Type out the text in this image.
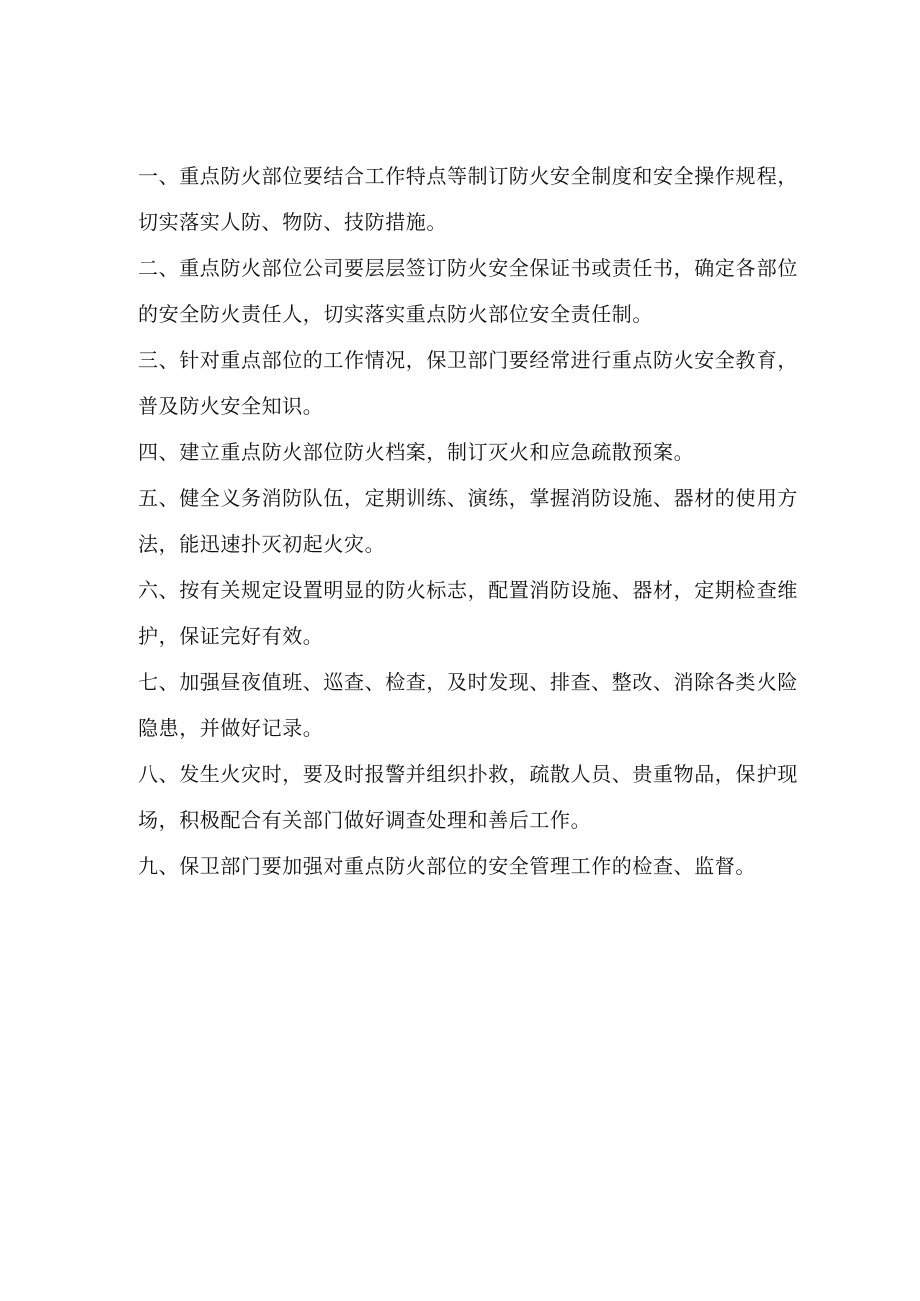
一、重点防火部位要结合工作特点等制订防火安全制度和安全操作规 程，
切实落实人防、物防、技防措施。
二、重点防火部位公司要层层签订防火安全保证书或责任书，确定各 部位
的安全防火责任人，切实落实重点防火部位安全责任制。
三、针对重点部位的工作情况，保卫部门要经常进行重点防火安全教 育，
普及防火安全知识。
四、建立重点防火部位防火档案，制订灭火和应急疏散预案。
五、健全义务消防队伍，定期训练、演练，掌握消防设施、器材的使 用方
法，能迅速扑灭初起火灾。
六、按有关规定设置明显的防火标志，配置消防设施、器材，定期检 查维
护，保证完好有效。
七、加强昼夜值班、巡查、检查，及时发现、排查、整改、消除各类 火险
隐患，并做好记录。
八、发生火灾时，要及时报警并组织扑救，疏散人员、贵重物品，保 护现
场，积极配合有关部门做好调查处理和善后工作。
九、保卫部门要加强对重点防火部位的安全管理工作的检查、监督。
